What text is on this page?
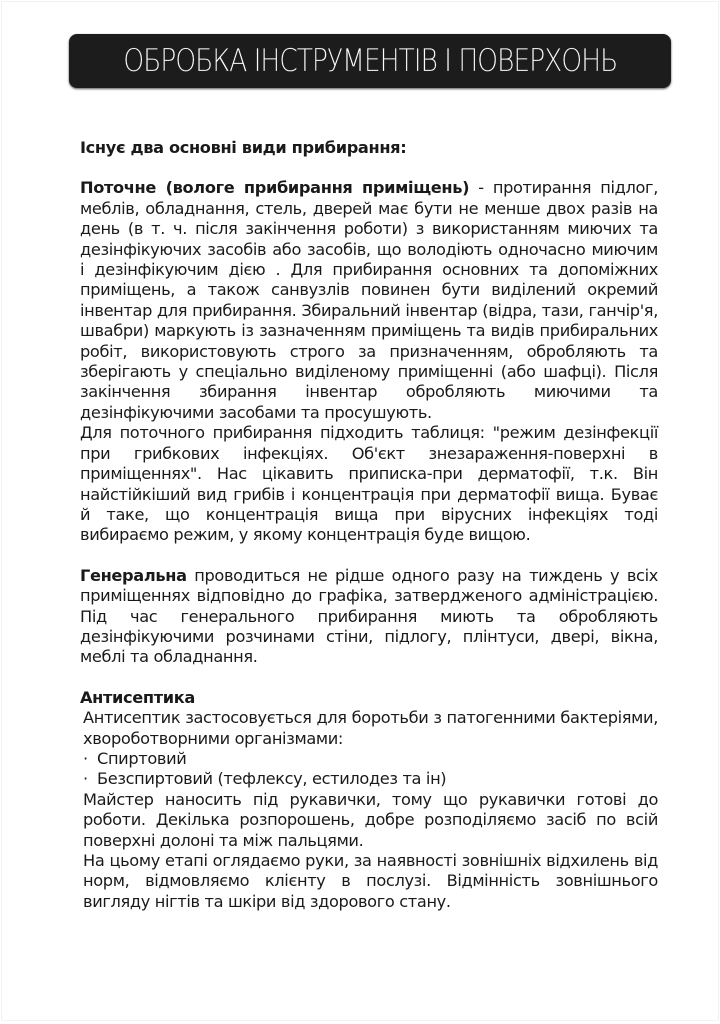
ОБРОБКА ІНСТРУМЕНТІВ І ПОВЕРХОНЬ

Існує два основні види прибирання:

Поточне (вологе прибирання приміщень) - протирання підлог, меблів, обладнання, стель, дверей має бути не менше двох разів на день (в т. ч. після закінчення роботи) з використанням миючих та дезінфікуючих засобів або засобів, що володіють одночасно миючим і дезінфікуючим дією . Для прибирання основних та допоміжних приміщень, а також санвузлів повинен бути виділений окремий інвентар для прибирання. Збиральний інвентар (відра, тази, ганчір'я, швабри) маркують із зазначенням приміщень та видів прибиральних робіт, використовують строго за призначенням, обробляють та зберігають у спеціально виділеному приміщенні (або шафці). Після закінчення збирання інвентар обробляють миючими та дезінфікуючими засобами та просушують.

Для поточного прибирання підходить таблиця: "режим дезінфекції при грибкових інфекціях. Об'єкт знезараження-поверхні в приміщеннях". Нас цікавить приписка-при дерматофії, т.к. Він найстійкіший вид грибів і концентрація при дерматофії вища. Буває й таке, що концентрація вища при вірусних інфекціях тоді вибираємо режим, у якому концентрація буде вищою.

Генеральна проводиться не рідше одного разу на тиждень у всіх приміщеннях відповідно до графіка, затвердженого адміністрацією. Під час генерального прибирання миють та обробляють дезінфікуючими розчинами стіни, підлогу, плінтуси, двері, вікна, меблі та обладнання.

Антисептика

Антисептик застосовується для боротьби з патогенними бактеріями, хвороботворними організмами:

· Спиртовий

· Безспиртовий (тефлексу, естилодез та ін)

Майстер наносить під рукавички, тому що рукавички готові до роботи. Декілька розпорошень, добре розподіляємо засіб по всій поверхні долоні та між пальцями.

На цьому етапі оглядаємо руки, за наявності зовнішніх відхилень від норм, відмовляємо клієнту в послузі. Відмінність зовнішнього вигляду нігтів та шкіри від здорового стану.
